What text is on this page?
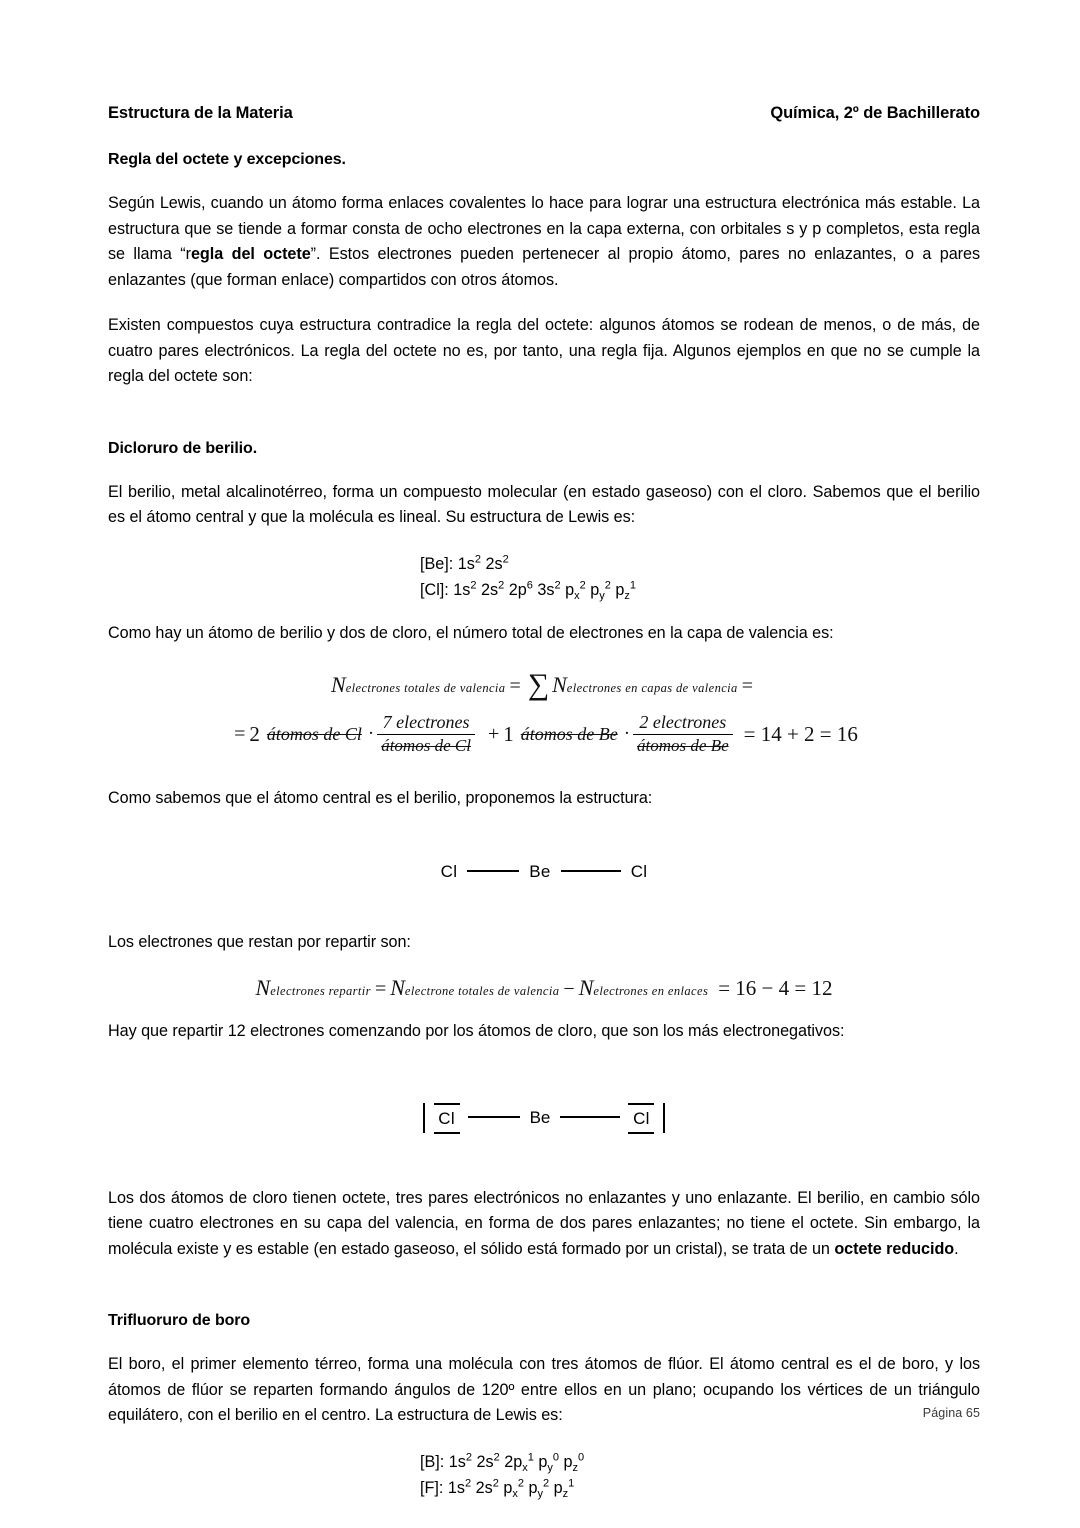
Estructura de la Materia	Química, 2º de Bachillerato
Regla del octete y excepciones.

Según Lewis, cuando un átomo forma enlaces covalentes lo hace para lograr una estructura electrónica más estable. La estructura que se tiende a formar consta de ocho electrones en la capa externa, con orbitales s y p completos, esta regla se llama “regla del octete”. Estos electrones pueden pertenecer al propio átomo, pares no enlazantes, o a pares enlazantes (que forman enlace) compartidos con otros átomos.

Existen compuestos cuya estructura contradice la regla del octete: algunos átomos se rodean de menos, o de más, de cuatro pares electrónicos. La regla del octete no es, por tanto, una regla fija. Algunos ejemplos en que no se cumple la regla del octete son:

Dicloruro de berilio.

El berilio, metal alcalinotérreo, forma un compuesto molecular (en estado gaseoso) con el cloro. Sabemos que el berilio es el átomo central y que la molécula es lineal. Su estructura de Lewis es:

[Be]: $1s^2$ $2s^2$
[Cl]: $1s^2$ $2s^2$ $2p^6$ $3s^2$ $p_x^2$ $p_y^2$ $p_z^1$

Como hay un átomo de berilio y dos de cloro, el número total de electrones en la capa de valencia es:

N electrones totales de valencia = ∑ N electrones en capas de valencia =
= 2 átomos de $Cl \cdot \frac{\text{7 electrones}}{\text{átomos de Cl}} + 1$ átomos de $Be \cdot \frac{\text{2 electrones}}{\text{átomos de Be}} = 14 + 2 = 16$

Como sabemos que el átomo central es el berilio, proponemos la estructura:

Cl	Be	Cl

Los electrones que restan por repartir son:

N electrones repartir = N electrone totales de valencia − N electrones en enlaces = 16 − 4 = 12

Hay que repartir 12 electrones comenzando por los átomos de cloro, que son los más electronegativos:

Cl	Be	Cl

Los dos átomos de cloro tienen octete, tres pares electrónicos no enlazantes y uno enlazante. El berilio, en cambio sólo tiene cuatro electrones en su capa del valencia, en forma de dos pares enlazantes; no tiene el octete. Sin embargo, la molécula existe y es estable (en estado gaseoso, el sólido está formado por un cristal), se trata de un octete reducido.

Trifluoruro de boro

El boro, el primer elemento térreo, forma una molécula con tres átomos de flúor. El átomo central es el de boro, y los átomos de flúor se reparten formando ángulos de 120º entre ellos en un plano; ocupando los vértices de un triángulo equilátero, con el berilio en el centro. La estructura de Lewis es:

[B]: $1s^2$ $2s^2$ $2p_x^1$ $p_y^0$ $p_z^0$
[F]: $1s^2$ $2s^2$ $p_x^2$ $p_y^2$ $p_z^1$
Página 65
